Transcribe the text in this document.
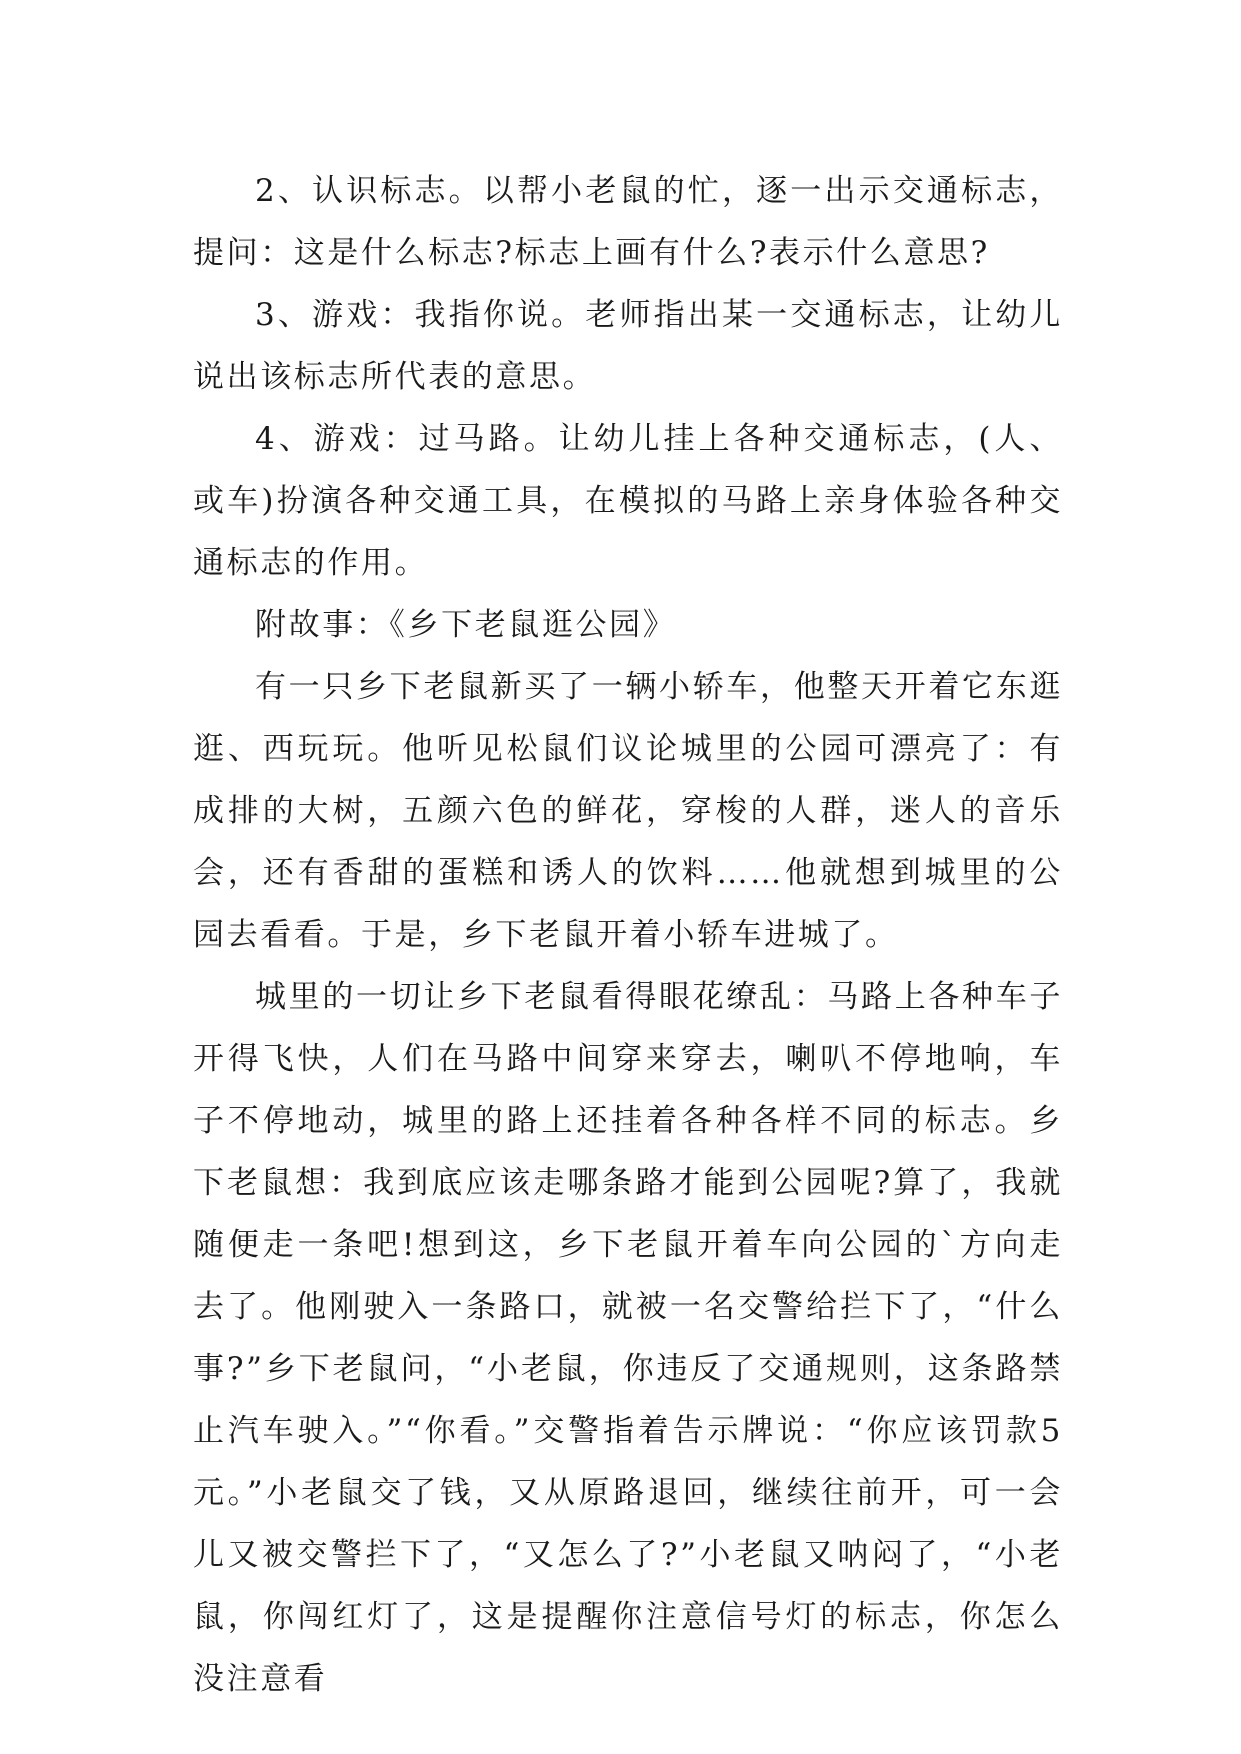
2、认识标志。以帮小老鼠的忙，逐一出示交通标志，提问：这是什么标志?标志上画有什么?表示什么意思?

3、游戏：我指你说。老师指出某一交通标志，让幼儿说出该标志所代表的意思。

4、游戏：过马路。让幼儿挂上各种交通标志，(人、或车)扮演各种交通工具，在模拟的马路上亲身体验各种交通标志的作用。

附故事：《乡下老鼠逛公园》

有一只乡下老鼠新买了一辆小轿车，他整天开着它东逛逛、西玩玩。他听见松鼠们议论城里的公园可漂亮了：有成排的大树，五颜六色的鲜花，穿梭的人群，迷人的音乐会，还有香甜的蛋糕和诱人的饮料……他就想到城里的公园去看看。于是，乡下老鼠开着小轿车进城了。

城里的一切让乡下老鼠看得眼花缭乱：马路上各种车子开得飞快，人们在马路中间穿来穿去，喇叭不停地响，车子不停地动，城里的路上还挂着各种各样不同的标志。乡下老鼠想：我到底应该走哪条路才能到公园呢?算了，我就随便走一条吧!想到这，乡下老鼠开着车向公园的`方向走去了。他刚驶入一条路口，就被一名交警给拦下了，“什么事?”乡下老鼠问，“小老鼠，你违反了交通规则，这条路禁止汽车驶入。”“你看。”交警指着告示牌说：“你应该罚款5元。”小老鼠交了钱，又从原路退回，继续往前开，可一会儿又被交警拦下了，“又怎么了?”小老鼠又呐闷了，“小老鼠，你闯红灯了，这是提醒你注意信号灯的标志，你怎么没注意看
